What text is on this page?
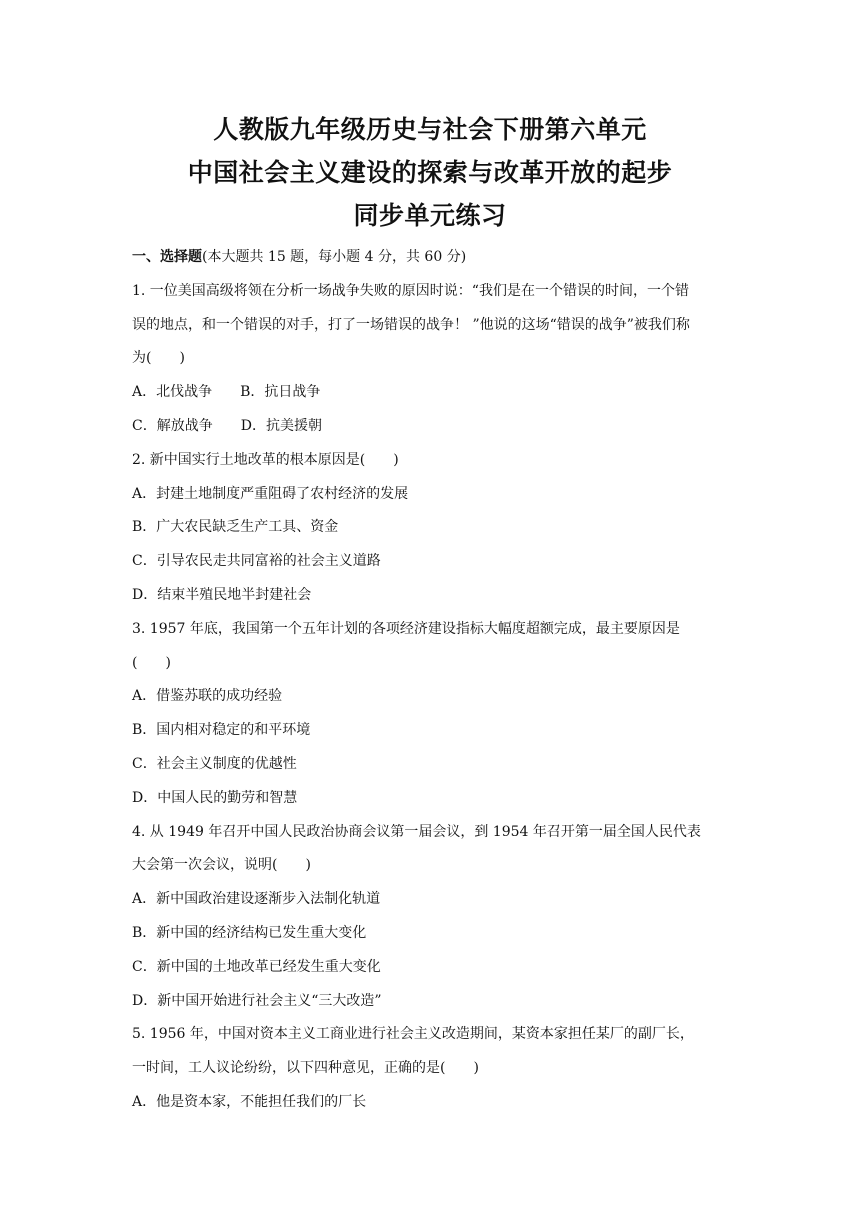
人教版九年级历史与社会下册第六单元
中国社会主义建设的探索与改革开放的起步
同步单元练习
一、选择题(本大题共 15 题，每小题 4 分，共 60 分)
1. 一位美国高级将领在分析一场战争失败的原因时说：“我们是在一个错误的时间，一个错
误的地点，和一个错误的对手，打了一场错误的战争！ ”他说的这场“错误的战争”被我们称
为(　　)
A．北伐战争 B．抗日战争
C．解放战争 D．抗美援朝
2. 新中国实行土地改革的根本原因是(　　)
A．封建土地制度严重阻碍了农村经济的发展
B．广大农民缺乏生产工具、资金
C．引导农民走共同富裕的社会主义道路
D．结束半殖民地半封建社会
3. 1957 年底，我国第一个五年计划的各项经济建设指标大幅度超额完成，最主要原因是
(　　)
A．借鉴苏联的成功经验
B．国内相对稳定的和平环境
C．社会主义制度的优越性
D．中国人民的勤劳和智慧
4. 从 1949 年召开中国人民政治协商会议第一届会议，到 1954 年召开第一届全国人民代表
大会第一次会议，说明(　　)
A．新中国政治建设逐渐步入法制化轨道
B．新中国的经济结构已发生重大变化
C．新中国的土地改革已经发生重大变化
D．新中国开始进行社会主义“三大改造”
5. 1956 年，中国对资本主义工商业进行社会主义改造期间，某资本家担任某厂的副厂长，
一时间，工人议论纷纷，以下四种意见，正确的是(　　)
A．他是资本家，不能担任我们的厂长
